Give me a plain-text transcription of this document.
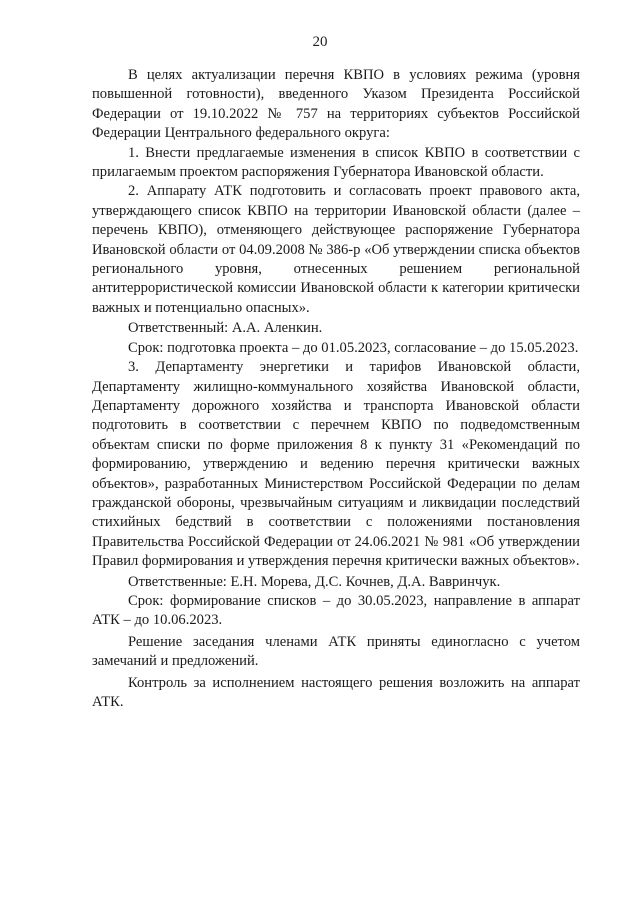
20

В целях актуализации перечня КВПО в условиях режима (уровня повышенной готовности), введенного Указом Президента Российской Федерации от 19.10.2022 № 757 на территориях субъектов Российской Федерации Центрального федерального округа:

1. Внести предлагаемые изменения в список КВПО в соответствии с прилагаемым проектом распоряжения Губернатора Ивановской области.

2. Аппарату АТК подготовить и согласовать проект правового акта, утверждающего список КВПО на территории Ивановской области (далее – перечень КВПО), отменяющего действующее распоряжение Губернатора Ивановской области от 04.09.2008 № 386-р «Об утверждении списка объектов регионального уровня, отнесенных решением региональной антитеррористической комиссии Ивановской области к категории критически важных и потенциально опасных».

Ответственный: А.А. Аленкин.

Срок: подготовка проекта – до 01.05.2023, согласование – до 15.05.2023.

3. Департаменту энергетики и тарифов Ивановской области, Департаменту жилищно-коммунального хозяйства Ивановской области, Департаменту дорожного хозяйства и транспорта Ивановской области подготовить в соответствии с перечнем КВПО по подведомственным объектам списки по форме приложения 8 к пункту 31 «Рекомендаций по формированию, утверждению и ведению перечня критически важных объектов», разработанных Министерством Российской Федерации по делам гражданской обороны, чрезвычайным ситуациям и ликвидации последствий стихийных бедствий в соответствии с положениями постановления Правительства Российской Федерации от 24.06.2021 № 981 «Об утверждении Правил формирования и утверждения перечня критически важных объектов».

Ответственные: Е.Н. Морева, Д.С. Кочнев, Д.А. Вавринчук.

Срок: формирование списков – до 30.05.2023, направление в аппарат АТК – до 10.06.2023.

Решение заседания членами АТК приняты единогласно с учетом замечаний и предложений.

Контроль за исполнением настоящего решения возложить на аппарат АТК.
